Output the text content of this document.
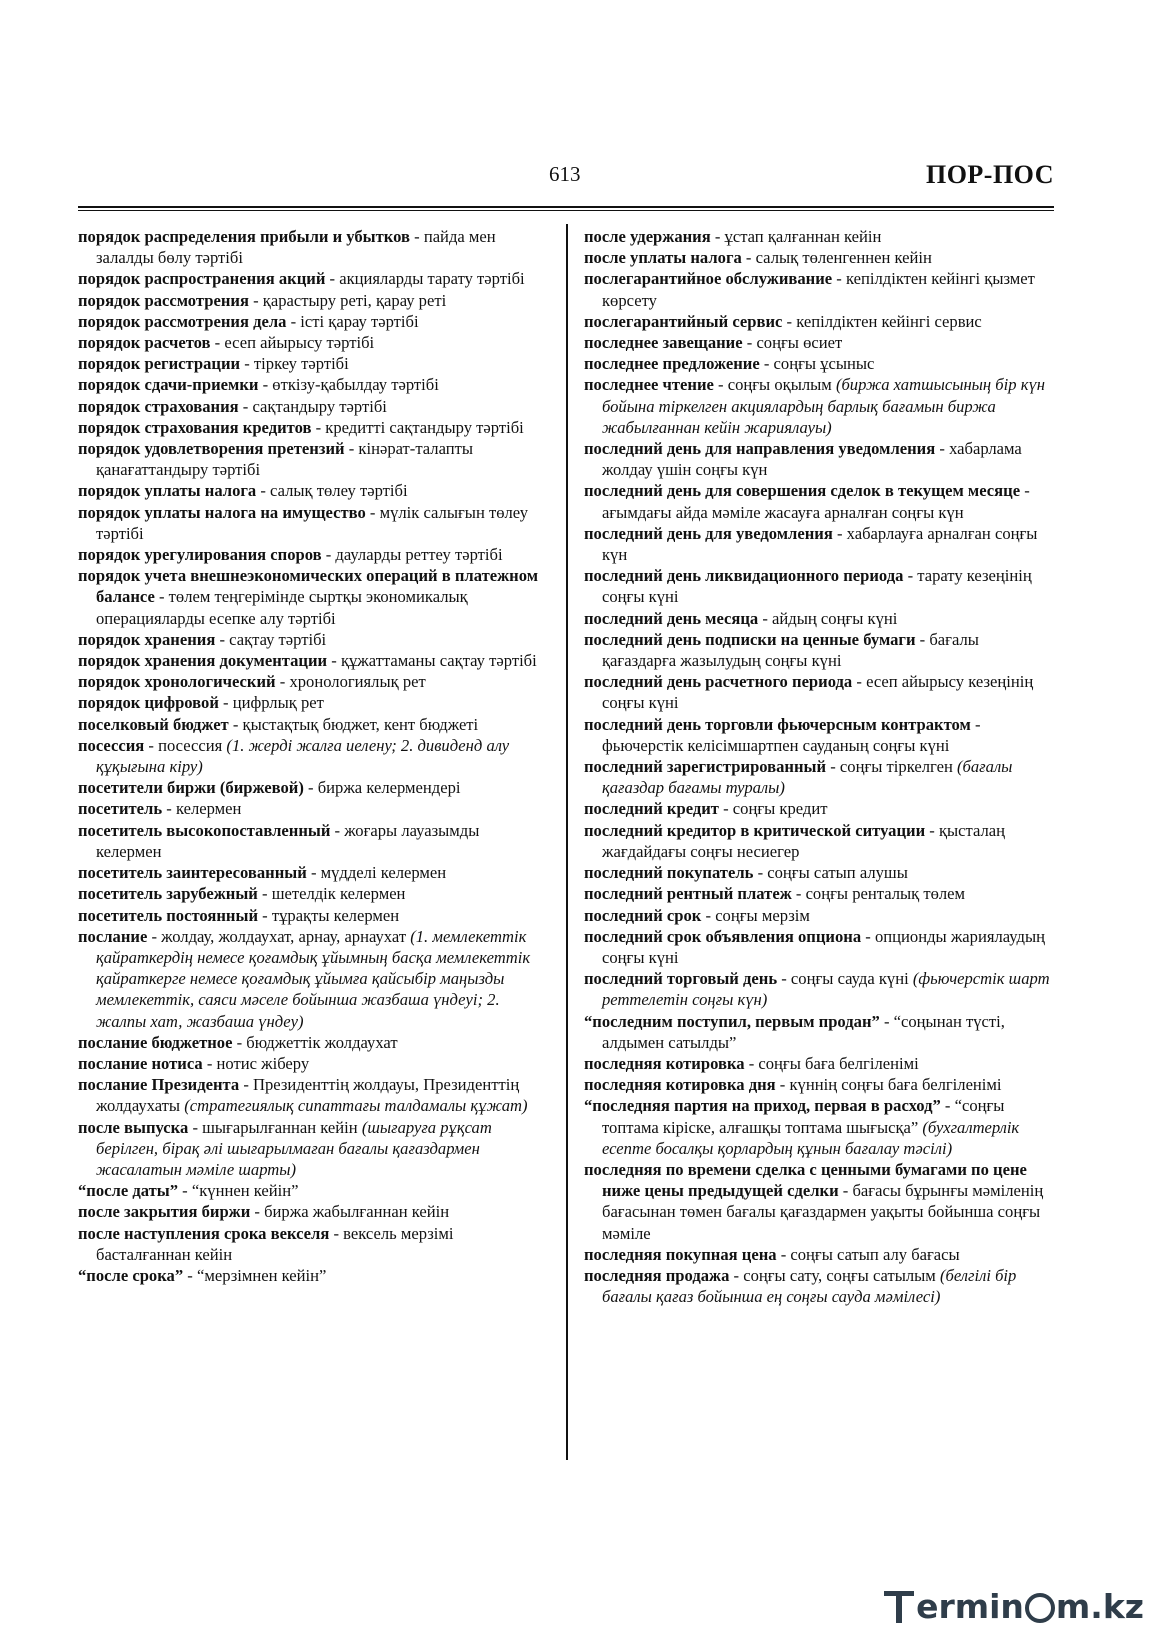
613	ПОР-ПОС
порядок распределения прибыли и убытков - пайда мен залалды бөлу тәртібі
порядок распространения акций - акцияларды тарату тәртібі
порядок рассмотрения - қарастыру реті, қарау реті
порядок рассмотрения дела - істі қарау тәртібі
порядок расчетов - есеп айырысу тәртібі
порядок регистрации - тіркеу тәртібі
порядок сдачи-приемки - өткізу-қабылдау тәртібі
порядок страхования - сақтандыру тәртібі
порядок страхования кредитов - кредитті сақтандыру тәртібі
порядок удовлетворения претензий - кінәрат-талапты қанағаттандыру тәртібі
порядок уплаты налога - салық төлеу тәртібі
порядок уплаты налога на имущество - мүлік салығын төлеу тәртібі
порядок урегулирования споров - дауларды реттеу тәртібі
порядок учета внешнеэкономических операций в платежном балансе - төлем теңгерімінде сыртқы экономикалық операцияларды есепке алу тәртібі
порядок хранения - сақтау тәртібі
порядок хранения документации - құжаттаманы сақтау тәртібі
порядок хронологический - хронологиялық рет
порядок цифровой - цифрлық рет
поселковый бюджет - қыстақтық бюджет, кент бюджеті
посессия - посессия (1. жерді жалға иелену; 2. дивиденд алу құқығына кіру)
посетители биржи (биржевой) - биржа келермендері
посетитель - келермен
посетитель высокопоставленный - жоғары лауазымды келермен
посетитель заинтересованный - мүдделі келермен
посетитель зарубежный - шетелдік келермен
посетитель постоянный - тұрақты келермен
послание - жолдау, жолдаухат, арнау, арнаухат (1. мемлекеттік қайраткердің немесе қоғамдық ұйымның басқа мемлекеттік қайраткерге немесе қоғамдық ұйымға қайсыбір маңызды мемлекеттік, саяси мәселе бойынша жазбаша үндеуі; 2. жалпы хат, жазбаша үндеу)
послание бюджетное - бюджеттік жолдаухат
послание нотиса - нотис жіберу
послание Президента - Президенттің жолдауы, Президенттің жолдаухаты (стратегиялық сипаттағы талдамалы құжат)
после выпуска - шығарылғаннан кейін (шығаруға рұқсат берілген, бірақ әлі шығарылмаған бағалы қағаздармен жасалатын мәміле шарты)
“после даты” - “күннен кейін”
после закрытия биржи - биржа жабылғаннан кейін
после наступления срока векселя - вексель мерзімі басталғаннан кейін
“после срока” - “мерзімнен кейін”
после удержания - ұстап қалғаннан кейін
после уплаты налога - салық төленгеннен кейін
послегарантийное обслуживание - кепілдіктен кейінгі қызмет көрсету
послегарантийный сервис - кепілдіктен кейінгі сервис
последнее завещание - соңғы өсиет
последнее предложение - соңғы ұсыныс
последнее чтение - соңғы оқылым (биржа хатшысының бір күн бойына тіркелген акциялардың барлық бағамын биржа жабылғаннан кейін жариялауы)
последний день для направления уведомления - хабарлама жолдау үшін соңғы күн
последний день для совершения сделок в текущем месяце - ағымдағы айда мәміле жасауға арналған соңғы күн
последний день для уведомления - хабарлауға арналған соңғы күн
последний день ликвидационного периода - тарату кезеңінің соңғы күні
последний день месяца - айдың соңғы күні
последний день подписки на ценные бумаги - бағалы қағаздарға жазылудың соңғы күні
последний день расчетного периода - есеп айырысу кезеңінің соңғы күні
последний день торговли фьючерсным контрактом - фьючерстік келісімшартпен сауданың соңғы күні
последний зарегистрированный - соңғы тіркелген (бағалы қағаздар бағамы туралы)
последний кредит - соңғы кредит
последний кредитор в критической ситуации - қысталаң жағдайдағы соңғы несиегер
последний покупатель - соңғы сатып алушы
последний рентный платеж - соңғы ренталық төлем
последний срок - соңғы мерзім
последний срок объявления опциона - опционды жариялаудың соңғы күні
последний торговый день - соңғы сауда күні (фьючерстік шарт реттелетін соңғы күн)
“последним поступил, первым продан” - “соңынан түсті, алдымен сатылды”
последняя котировка - соңғы баға белгіленімі
последняя котировка дня - күннің соңғы баға белгіленімі
“последняя партия на приход, первая в расход” - “соңғы топтама кіріске, алғашқы топтама шығысқа” (бухгалтерлік есепте босалқы қорлардың құнын бағалау тәсілі)
последняя по времени сделка с ценными бумагами по цене ниже цены предыдущей сделки - бағасы бұрынғы мәміленің бағасынан төмен бағалы қағаздармен уақыты бойынша соңғы мәміле
последняя покупная цена - соңғы сатып алу бағасы
последняя продажа - соңғы сату, соңғы сатылым (белгілі бір бағалы қағаз бойынша ең соңғы сауда мәмілесі)
ermin m.kz
